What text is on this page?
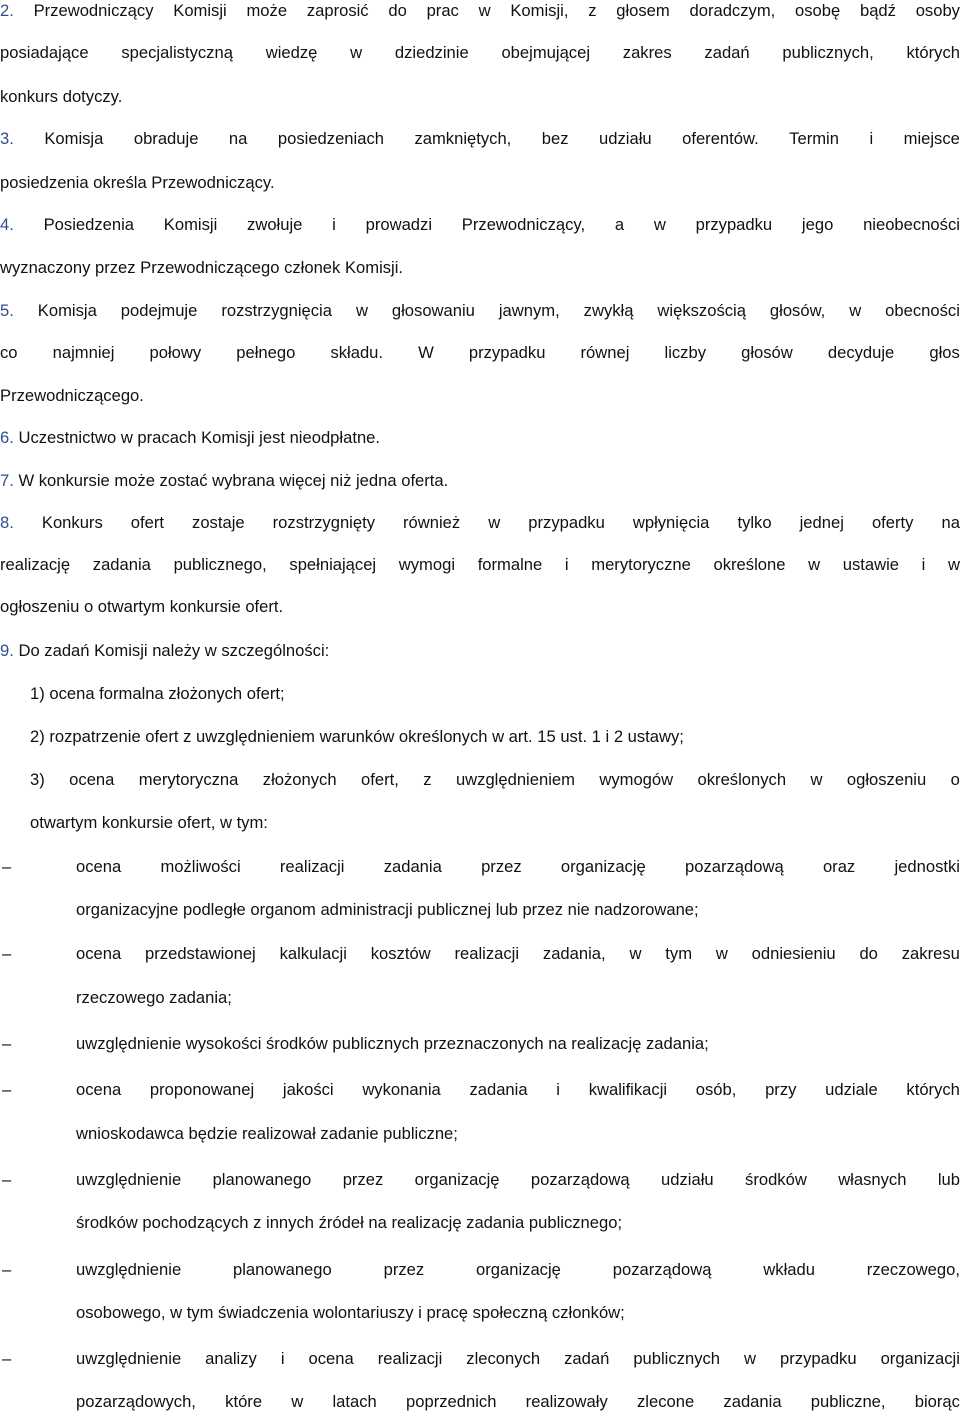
2. Przewodniczący Komisji może zaprosić do prac w Komisji, z głosem doradczym, osobę bądź osoby
posiadające specjalistyczną wiedzę w dziedzinie obejmującej zakres zadań publicznych, których
konkurs dotyczy.
3. Komisja obraduje na posiedzeniach zamkniętych, bez udziału oferentów. Termin i miejsce
posiedzenia określa Przewodniczący.
4. Posiedzenia Komisji zwołuje i prowadzi Przewodniczący, a w przypadku jego nieobecności
wyznaczony przez Przewodniczącego członek Komisji.
5. Komisja podejmuje rozstrzygnięcia w głosowaniu jawnym, zwykłą większością głosów, w obecności
co najmniej połowy pełnego składu. W przypadku równej liczby głosów decyduje głos
Przewodniczącego.
6. Uczestnictwo w pracach Komisji jest nieodpłatne.
7. W konkursie może zostać wybrana więcej niż jedna oferta.
8. Konkurs ofert zostaje rozstrzygnięty również w przypadku wpłynięcia tylko jednej oferty na
realizację zadania publicznego, spełniającej wymogi formalne i merytoryczne określone w ustawie i w
ogłoszeniu o otwartym konkursie ofert.
9. Do zadań Komisji należy w szczególności:
1) ocena formalna złożonych ofert;
2) rozpatrzenie ofert z uwzględnieniem warunków określonych w art. 15 ust. 1 i 2 ustawy;
3) ocena merytoryczna złożonych ofert, z uwzględnieniem wymogów określonych w ogłoszeniu o
otwartym konkursie ofert, w tym:
–	ocena możliwości realizacji zadania przez organizację pozarządową oraz jednostki
organizacyjne podległe organom administracji publicznej lub przez nie nadzorowane;
–	ocena przedstawionej kalkulacji kosztów realizacji zadania, w tym w odniesieniu do zakresu
rzeczowego zadania;
–	uwzględnienie wysokości środków publicznych przeznaczonych na realizację zadania;
–	ocena proponowanej jakości wykonania zadania i kwalifikacji osób, przy udziale których
wnioskodawca będzie realizował zadanie publiczne;
–	uwzględnienie planowanego przez organizację pozarządową udziału środków własnych lub
środków pochodzących z innych źródeł na realizację zadania publicznego;
–	uwzględnienie	planowanego	przez	organizację	pozarządową	wkładu	rzeczowego,
osobowego, w tym świadczenia wolontariuszy i pracę społeczną członków;
–	uwzględnienie analizy i ocena realizacji zleconych zadań publicznych w przypadku organizacji
pozarządowych, które w latach poprzednich realizowały zlecone zadania publiczne, biorąc
